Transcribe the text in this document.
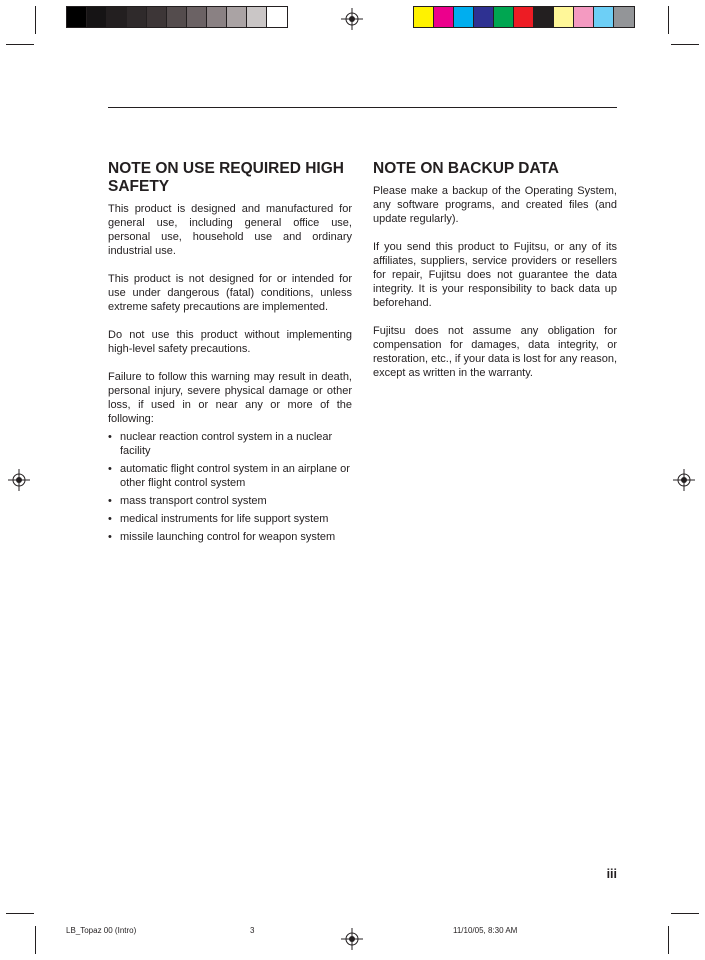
NOTE ON USE REQUIRED HIGH SAFETY

This product is designed and manufactured for general use, including general office use, personal use, household use and ordinary industrial use.

This product is not designed for or intended for use under dangerous (fatal) conditions, unless extreme safety precautions are implemented.

Do not use this product without implementing high-level safety precautions.

Failure to follow this warning may result in death, personal injury, severe physical damage or other loss, if used in or near any or more of the following:

• nuclear reaction control system in a nuclear facility
• automatic flight control system in an airplane or other flight control system
• mass transport control system
• medical instruments for life support system
• missile launching control for weapon system
NOTE ON BACKUP DATA

Please make a backup of the Operating System, any software programs, and created files (and update regularly).

If you send this product to Fujitsu, or any of its affiliates, suppliers, service providers or resellers for repair, Fujitsu does not guarantee the data integrity. It is your responsibility to back data up beforehand.

Fujitsu does not assume any obligation for compensation for damages, data integrity, or restoration, etc., if your data is lost for any reason, except as written in the warranty.

iii
LB_Topaz 00 (Intro)	3	11/10/05, 8:30 AM
